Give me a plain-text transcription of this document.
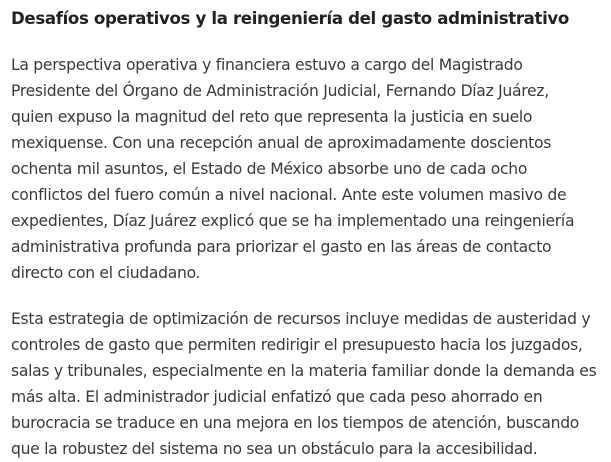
Desafíos operativos y la reingeniería del gasto administrativo

La perspectiva operativa y financiera estuvo a cargo del Magistrado
Presidente del Órgano de Administración Judicial, Fernando Díaz Juárez,
quien expuso la magnitud del reto que representa la justicia en suelo
mexiquense. Con una recepción anual de aproximadamente doscientos
ochenta mil asuntos, el Estado de México absorbe uno de cada ocho
conflictos del fuero común a nivel nacional. Ante este volumen masivo de
expedientes, Díaz Juárez explicó que se ha implementado una reingeniería
administrativa profunda para priorizar el gasto en las áreas de contacto
directo con el ciudadano.

Esta estrategia de optimización de recursos incluye medidas de austeridad y
controles de gasto que permiten redirigir el presupuesto hacia los juzgados,
salas y tribunales, especialmente en la materia familiar donde la demanda es
más alta. El administrador judicial enfatizó que cada peso ahorrado en
burocracia se traduce en una mejora en los tiempos de atención, buscando
que la robustez del sistema no sea un obstáculo para la accesibilidad.
